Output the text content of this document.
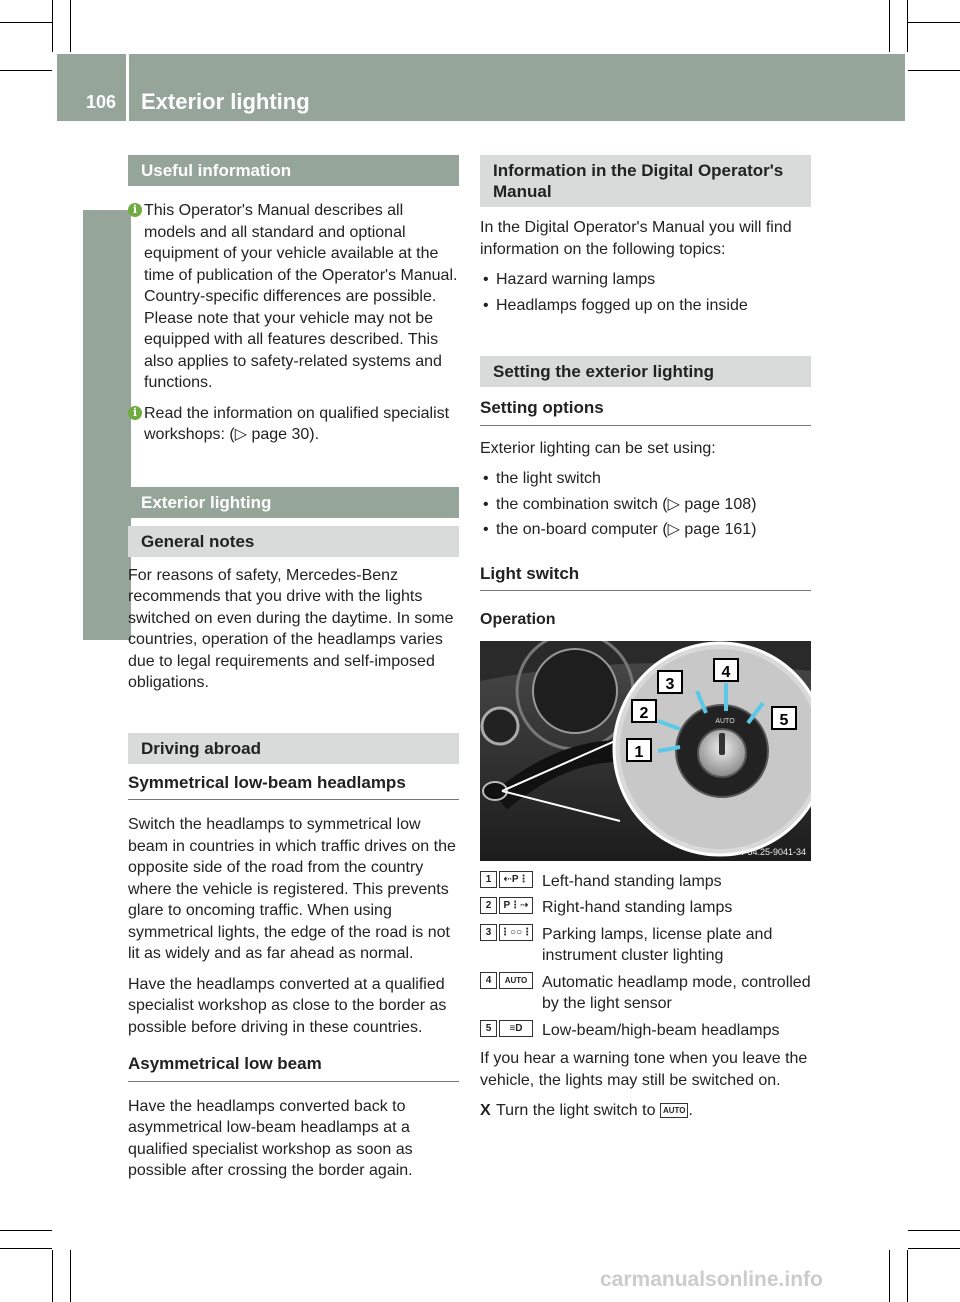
106	Exterior lighting
Lights and windshield wipers
Useful information
i This Operator's Manual describes all models and all standard and optional equipment of your vehicle available at the time of publication of the Operator's Manual. Country-specific differences are possible. Please note that your vehicle may not be equipped with all features described. This also applies to safety-related systems and functions.
i Read the information on qualified specialist workshops: (▷ page 30).
Exterior lighting
General notes

For reasons of safety, Mercedes-Benz recommends that you drive with the lights switched on even during the daytime. In some countries, operation of the headlamps varies due to legal requirements and self-imposed obligations.

Driving abroad
Symmetrical low-beam headlamps

Switch the headlamps to symmetrical low beam in countries in which traffic drives on the opposite side of the road from the country where the vehicle is registered. This prevents glare to oncoming traffic. When using symmetrical lights, the edge of the road is not lit as widely and as far ahead as normal.

Have the headlamps converted at a qualified specialist workshop as close to the border as possible before driving in these countries.

Asymmetrical low beam

Have the headlamps converted back to asymmetrical low-beam headlamps at a qualified specialist workshop as soon as possible after crossing the border again.

Information in the Digital Operator's Manual

In the Digital Operator's Manual you will find information on the following topics:

• Hazard warning lamps
• Headlamps fogged up on the inside
Setting the exterior lighting
Setting options

Exterior lighting can be set using:

• the light switch
• the combination switch (▷ page 108)
• the on-board computer (▷ page 161)
Light switch
Operation
AUTO
1
2
3
4
5
P54.25-9041-34
1	⇠P⋮ Left-hand standing lamps
2	P⋮⇢ Right-hand standing lamps
3 ⋮○○⋮ Parking lamps, license plate and instrument cluster lighting
4	AUTO Automatic headlamp mode, controlled by the light sensor
5	≡D	Low-beam/high-beam headlamps

If you hear a warning tone when you leave the vehicle, the lights may still be switched on.

X Turn the light switch to AUTO .
carmanualsonline.info
